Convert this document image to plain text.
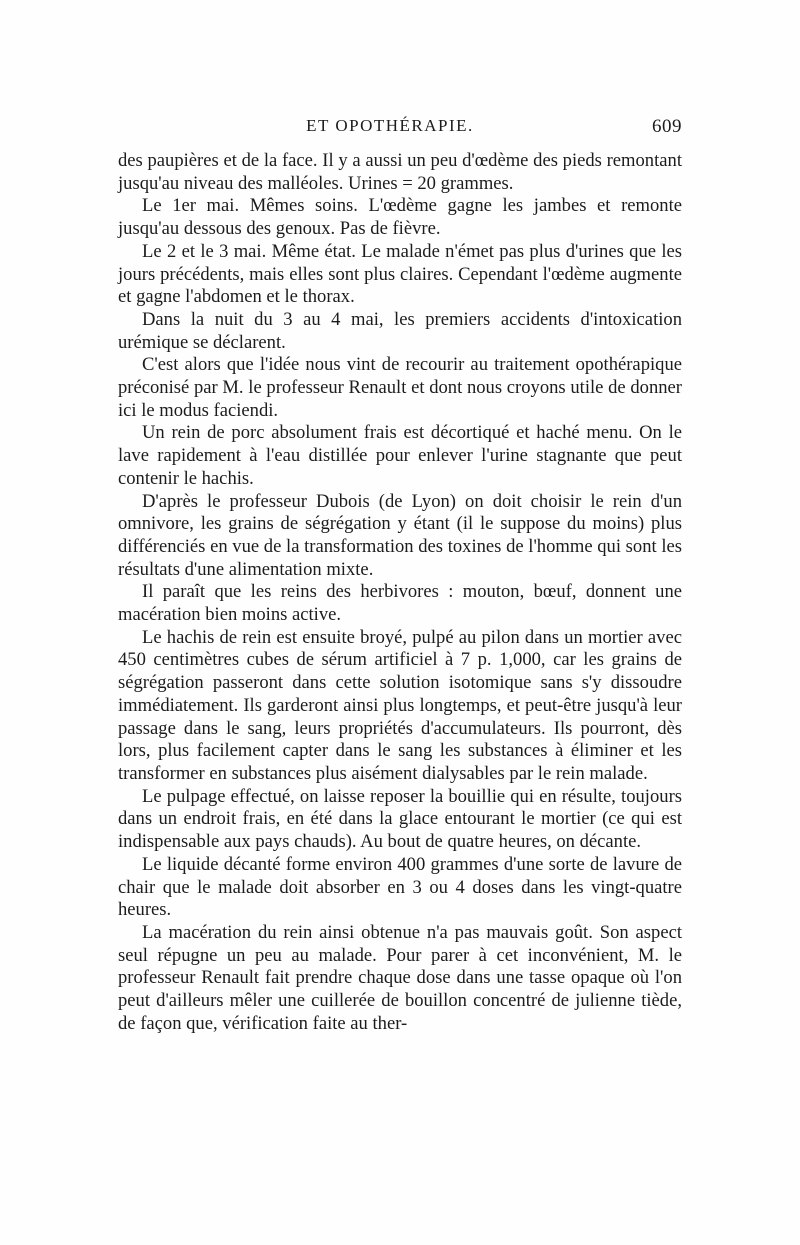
ET OPOTHÉRAPIE.	609

des paupières et de la face. Il y a aussi un peu d'œdème des pieds remontant jusqu'au niveau des malléoles. Urines = 20 grammes.

Le 1er mai. Mêmes soins. L'œdème gagne les jambes et remonte jusqu'au dessous des genoux. Pas de fièvre.

Le 2 et le 3 mai. Même état. Le malade n'émet pas plus d'urines que les jours précédents, mais elles sont plus claires. Cependant l'œdème augmente et gagne l'abdomen et le thorax.

Dans la nuit du 3 au 4 mai, les premiers accidents d'intoxication urémique se déclarent.

C'est alors que l'idée nous vint de recourir au traitement opothérapique préconisé par M. le professeur Renault et dont nous croyons utile de donner ici le modus faciendi.

Un rein de porc absolument frais est décortiqué et haché menu. On le lave rapidement à l'eau distillée pour enlever l'urine stagnante que peut contenir le hachis.

D'après le professeur Dubois (de Lyon) on doit choisir le rein d'un omnivore, les grains de ségrégation y étant (il le suppose du moins) plus différenciés en vue de la transformation des toxines de l'homme qui sont les résultats d'une alimentation mixte.

Il paraît que les reins des herbivores : mouton, bœuf, donnent une macération bien moins active.

Le hachis de rein est ensuite broyé, pulpé au pilon dans un mortier avec 450 centimètres cubes de sérum artificiel à 7 p. 1,000, car les grains de ségrégation passeront dans cette solution isotomique sans s'y dissoudre immédiatement. Ils garderont ainsi plus longtemps, et peut-être jusqu'à leur passage dans le sang, leurs propriétés d'accumulateurs. Ils pourront, dès lors, plus facilement capter dans le sang les substances à éliminer et les transformer en substances plus aisément dialysables par le rein malade.

Le pulpage effectué, on laisse reposer la bouillie qui en résulte, toujours dans un endroit frais, en été dans la glace entourant le mortier (ce qui est indispensable aux pays chauds). Au bout de quatre heures, on décante.

Le liquide décanté forme environ 400 grammes d'une sorte de lavure de chair que le malade doit absorber en 3 ou 4 doses dans les vingt-quatre heures.

La macération du rein ainsi obtenue n'a pas mauvais goût. Son aspect seul répugne un peu au malade. Pour parer à cet inconvénient, M. le professeur Renault fait prendre chaque dose dans une tasse opaque où l'on peut d'ailleurs mêler une cuillerée de bouillon concentré de julienne tiède, de façon que, vérification faite au ther-
